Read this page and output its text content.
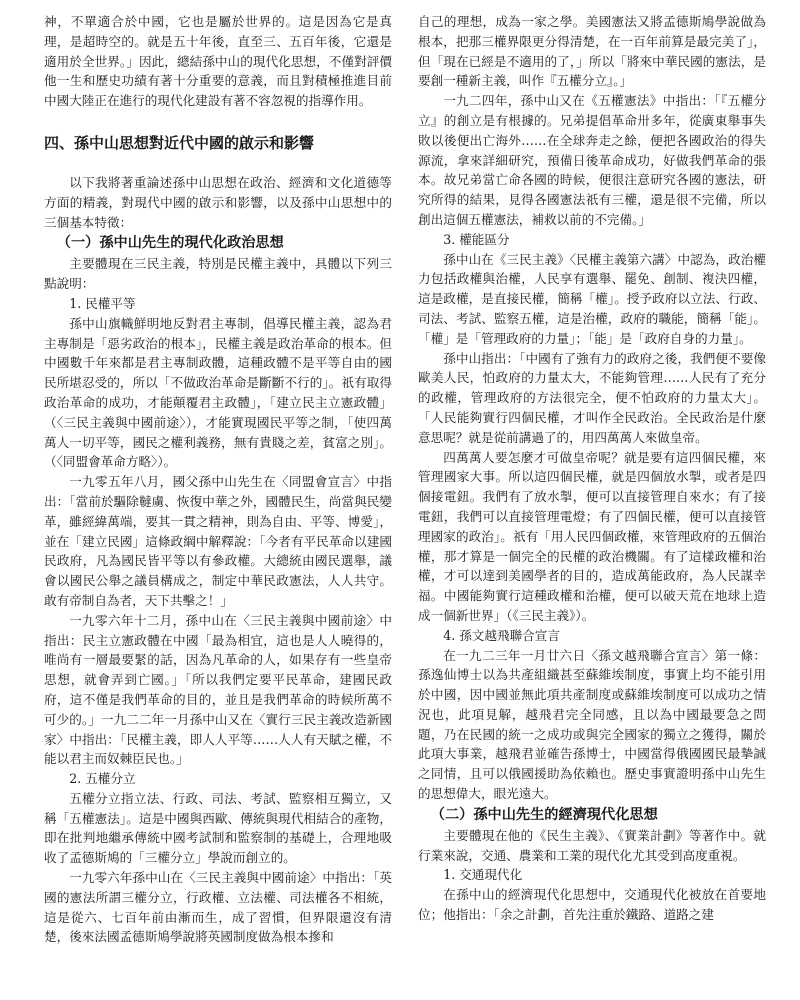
神，不單適合於中國，它也是屬於世界的。這是因為它是真理，是超時空的。就是五十年後，直至三、五百年後，它還是適用於全世界。」因此，總結孫中山的現代化思想，不僅對評價他一生和歷史功績有著十分重要的意義，而且對積極推進目前中國大陸正在進行的現代化建設有著不容忽視的指導作用。

四、孫中山思想對近代中國的啟示和影響

以下我將著重論述孫中山思想在政治、經濟和文化道德等方面的精義，對現代中國的啟示和影響，以及孫中山思想中的三個基本特徵：

（一）孫中山先生的現代化政治思想

主要體現在三民主義，特別是民權主義中，具體以下列三點說明：

1. 民權平等

孫中山旗幟鮮明地反對君主專制，倡導民權主義，認為君主專制是「惡劣政治的根本」，民權主義是政治革命的根本。但中國數千年來都是君主專制政體，這種政體不是平等自由的國民所堪忍受的，所以「不做政治革命是斷斷不行的」。祇有取得政治革命的成功，才能顛覆君主政體」，「建立民主立憲政體」（〈三民主義與中國前途〉），才能實現國民平等之制，「使四萬萬人一切平等，國民之權利義務，無有貴賤之差，貧富之別」。（〈同盟會革命方略〉）。

一九零五年八月，國父孫中山先生在〈同盟會宣言〉中指出：「當前於驅除韃虜、恢復中華之外，國體民生，尚當與民變革，雖經緯萬端，要其一貫之精神，則為自由、平等、博愛」，並在「建立民國」這條政綱中解釋說：「今者有平民革命以建國民政府，凡為國民皆平等以有參政權。大總統由國民選舉，議會以國民公舉之議員構成之，制定中華民政憲法，人人共守。敢有帝制自為者，天下共擊之！」

一九零六年十二月，孫中山在〈三民主義與中國前途〉中指出：民主立憲政體在中國「最為相宜，這也是人人曉得的，唯尚有一層最要緊的話，因為凡革命的人，如果存有一些皇帝思想，就會弄到亡國。」「所以我們定要平民革命，建國民政府，這不僅是我們革命的目的，並且是我們革命的時候所萬不可少的。」一九二二年一月孫中山又在〈實行三民主義改造新國家〉中指出：「民權主義，即人人平等……人人有天賦之權，不能以君主而奴棘臣民也。」

2. 五權分立

五權分立指立法、行政、司法、考試、監察相互獨立，又稱「五權憲法」。這是中國與西歐、傳統與現代相結合的產物，即在批判地繼承傳統中國考試制和監察制的基礎上，合理地吸收了孟德斯鳩的「三權分立」學說而創立的。

一九零六年孫中山在〈三民主義與中國前途〉中指出：「英國的憲法所謂三權分立，行政權、立法權、司法權各不相統，這是從六、七百年前由漸而生，成了習慣，但界限還沒有清楚，後來法國孟德斯鳩學說將英國制度做為根本摻和

自己的理想，成為一家之學。美國憲法又將孟德斯鳩學說做為根本，把那三權界限更分得清楚，在一百年前算是最完美了」，但「現在已經是不適用的了，」所以「將來中華民國的憲法，是要創一種新主義，叫作『五權分立』。」

一九二四年，孫中山又在《五權憲法》中指出：「『五權分立』的創立是有根據的。兄弟提倡革命卅多年，從廣東舉事失敗以後便出亡海外……在全球奔走之餘，便把各國政治的得失源流，拿來詳細研究，預備日後革命成功，好做我們革命的張本。故兄弟當亡命各國的時候，便很注意研究各國的憲法，研究所得的結果，見得各國憲法祇有三權，還是很不完備，所以創出這個五權憲法，補救以前的不完備。」

3. 權能區分

孫中山在《三民主義》〈民權主義第六講〉中認為，政治權力包括政權與治權，人民享有選舉、罷免、創制、複決四權，這是政權，是直接民權，簡稱「權」。授予政府以立法、行政、司法、考試、監察五權，這是治權，政府的職能，簡稱「能」。「權」是「管理政府的力量」；「能」是「政府自身的力量」。

孫中山指出：「中國有了強有力的政府之後，我們便不要像歐美人民，怕政府的力量太大，不能夠管理……人民有了充分的政權，管理政府的方法很完全，便不怕政府的力量太大」。「人民能夠實行四個民權，才叫作全民政治。全民政治是什麼意思呢？就是從前講過了的，用四萬萬人來做皇帝。

四萬萬人要怎麼才可做皇帝呢？就是要有這四個民權，來管理國家大事。所以這四個民權，就是四個放水掣，或者是四個接電鈕。我們有了放水掣，便可以直接管理自來水；有了接電鈕，我們可以直接管理電燈；有了四個民權，便可以直接管理國家的政治」。祇有「用人民四個政權，來管理政府的五個治權，那才算是一個完全的民權的政治機關。有了這樣政權和治權，才可以達到美國學者的目的，造成萬能政府，為人民謀幸福。中國能夠實行這種政權和治權，便可以破天荒在地球上造成一個新世界」（《三民主義》）。

4. 孫文越飛聯合宣言

在一九二三年一月廿六日〈孫文越飛聯合宣言〉第一條：孫逸仙博士以為共產組織甚至蘇維埃制度，事實上均不能引用於中國，因中國並無此項共產制度或蘇維埃制度可以成功之情況也，此項見解，越飛君完全同感，且以為中國最要急之問題，乃在民國的統一之成功或與完全國家的獨立之獲得，關於此項大事業，越飛君並確告孫博士，中國當得俄國國民最摯誠之同情，且可以俄國援助為依賴也。歷史事實證明孫中山先生的思想偉大，眼光遠大。

（二）孫中山先生的經濟現代化思想

主要體現在他的《民生主義》、《實業計劃》等著作中。就行業來說，交通、農業和工業的現代化尤其受到高度重視。

1. 交通現代化

在孫中山的經濟現代化思想中，交通現代化被放在首要地位；他指出：「余之計劃，首先注重於鐵路、道路之建
